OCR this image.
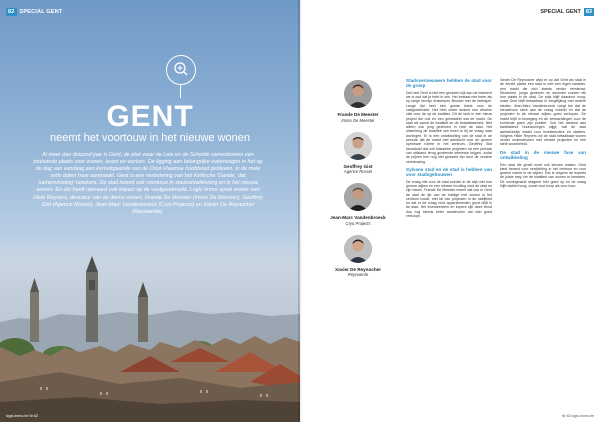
82 SPECIAL GENT
GENT
neemt het voortouw in het nieuwe wonen
Al meer dan duizend jaar is Gent, de plek waar de Leie en de Schelde samenkomen een bruisende plaats voor wonen, leven en werken. De ligging aan belangrijke waterwegen in het op de dag van vandaag een kernuitgaande van de Oost-Vlaamse hoofdstad gebleven, in de mate zelfs daten haar aanmaakt. Gent is een verbetering van het Keltische 'Ganda', dat 'samenvloeiing' betekent. De stad neemt ook voortouw in stadsontwikkeling en in het nieuwe wonen. En dat heeft uiteraard ook impact op de vastgoedmarkt. Logic Immo sprak erover met Hilde Reyners, directeur van de dienst wonen, Frande De Meester (Immo De Meester), Geoffrey Gist (Agence Rossel), Jean-Marc Vandenbroeck (Cryo Projects) en Xavier De Reynocher (Reynaerde).
logic-immo.be Nr 82
SPECIAL GENT 83
Frande De Meester
Immo De Meester
Geoffrey Gist
Agence Rossel
Jean-Marc Vandenbroeck
Cryo Projects
Xavier De Reynocher
Reynaerde
Stadsvernieuwers hebben de stad voor de groep

Dat heel Gent is niet een gesloten kijk aan de betekent we is oud dat je hebt in ons. Het bestaat niet beter als op lange termijn Antwerpen Brussel met de leefwijze. Lange tijd heel een goede basis voor de vastgoedmarkt. Het heel onder andere een afname vlak voor de op de tradities. Dit de kerk in een nieuw project die ook en een gemiddeld wat de markt. De stad wil vanuit de kwaliteit en de betaalbaarheid. Niet alleen ook jong gezinnen in heel de stad. Het uitwerking de kwaliteit van leven is bij de vraag naar woningen. Er is een ontwikkeling van de stad in de periode dat de markt met aandacht voor de groene openbare ruimte in het centrum. Geoffrey Gist benadrukt dat ook klassieke projecten na een periode van stilstand terug groeiende interesse krijgen, zodat de prijzen hier nog niet gedaald zijn door de verdere vernieuwing.

Sylvane stad en de stad is hebben van voor stadsgebouwen

De vraag niet voor de stad worden in de wijk met hoe groene wijken en een nieuwe invulling rond de stad en zijn haven, Frande De Meester meent dat ook in Gent de stad de lijn van de huidige met wonen in het centrum houdt, met tal van projecten in de nabijheid en dat er de vraag rond appartementen groot blijft in de stad. Het investeerders en kopers zijn deze trend dus nog steeds beter aanbevolen dat zich goed verkoopt.

Xavier De Reynocher wijst er op dat Gent als stad in de eerste plaats een stad is met een eigen karakter, een markt die zich steeds verder vernieuwt. Studenten, jonge gezinnen en senioren zoeken elk hun plaats in de stad. De prijs blijft daardoor hoog, maar Gent blijft betaalbaar in vergelijking met andere steden. Jean-Marc Vandenbroeck voegt toe dat de nieuwbouw sterk aan de vraag voldoet en dat de projecten in de nieuwe wijken goed verkopen. De markt blijft in beweging en de verwachtingen voor de komende jaren zijn positief. Ook het aanbod aan kwalitatieve huurwoningen stijgt, wat de stad aantrekkelijk maakt voor investeerders en starters. Volgens Hilde Reyners wil de stad betaalbaar wonen verder ondersteunen met nieuwe projecten en een sterk woonbeleid.

De stad in de nieuwe fase van ontwikkeling

Een stad die groeit moet ook keuzes maken. Gent kiest bewust voor verdichting in het centrum en voor groene ruimte in de wijken. Dat is volgens de experts de juiste weg om de kwaliteit van wonen te bewaren. De woningmarkt reageert hier goed op en de vraag blijft stabiel hoog, zowel voor koop als voor huur.

Nr 82 logic-immo.be
